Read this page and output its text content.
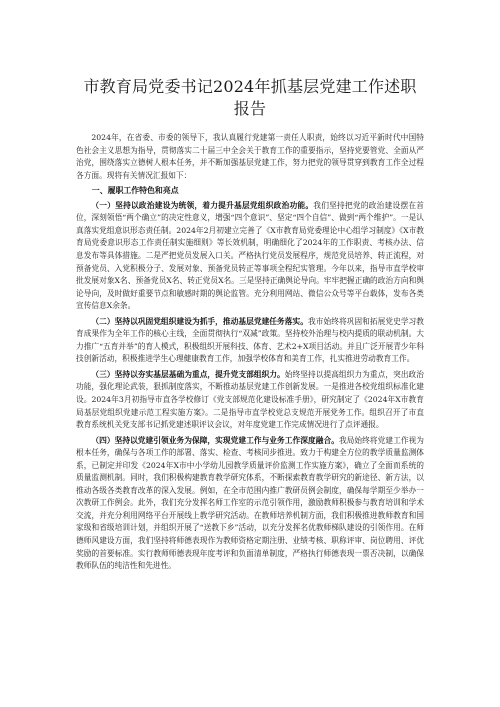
市教育局党委书记2024年抓基层党建工作述职报告

2024年，在省委、市委的领导下，我认真履行党建第一责任人职责，始终以习近平新时代中国特色社会主义思想为指导，贯彻落实二十届三中全会关于教育工作的重要指示，坚持党要管党、全面从严治党，围绕落实立德树人根本任务，并不断加强基层党建工作，努力把党的领导贯穿到教育工作全过程各方面。现将有关情况汇报如下：

一、履职工作特色和亮点

（一）坚持以政治建设为统领，着力提升基层党组织政治功能。我们坚持把党的政治建设摆在首位，深刻领悟“两个确立”的决定性意义，增强“四个意识”、坚定“四个自信”、做到“两个维护”。一是认真落实党组意识形态责任制。2024年2月初建立完善了《X市教育局党委理论中心组学习制度》《X市教育局党委意识形态工作责任制实施细则》等长效机制，明确细化了2024年的工作职责、考核办法、信息发布等具体措施。二是严把党员发展入口关。严格执行党员发展程序，规范党员培养、转正流程，对预备党员、入党积极分子、发展对象、预备党员转正等事项全程纪实管理。今年以来，指导市直学校审批发展对象X名、预备党员X名、转正党员X名。三是坚持正确舆论导向。牢牢把握正确的政治方向和舆论导向，及时做好重要节点和敏感时期的舆论监管。充分利用网站、微信公众号等平台载体，发布各类宣传信息X余条。

（二）坚持以巩固党组织建设为抓手，推动基层党建任务落实。我市始终将巩固和拓展党史学习教育成果作为全年工作的核心主线，全面贯彻执行“双减”政策。坚持校外治理与校内提质的联动机制。大力推广“五育并举”的育人模式，积极组织开展科技、体育、艺术2+X项目活动。并且广泛开展青少年科技创新活动，积极推进学生心理健康教育工作，加强学校体育和美育工作，扎实推进劳动教育工作。

（三）坚持以夯实基层基础为重点，提升党支部组织力。始终坚持以提高组织力为重点，突出政治功能，强化理论武装，狠抓制度落实，不断推动基层党建工作创新发展。一是推进各校党组织标准化建设。2024年3月初指导市直各学校修订《党支部规范化建设标准手册》，研究制定了《2024年X市教育局基层党组织党建示范工程实施方案》。二是指导市直学校党总支规范开展党务工作。组织召开了市直教育系统机关党支部书记抓党建述职评议会议，对年度党建工作完成情况进行了点评通报。

（四）坚持以党建引领业务为保障，实现党建工作与业务工作深度融合。我局始终将党建工作视为根本任务，确保与各项工作的部署、落实、检查、考核同步推进。致力于构建全方位的教学质量监测体系，已制定并印发《2024年X市中小学幼儿园教学质量评价监测工作实施方案》，确立了全面而系统的质量监测机制。同时，我们积极构建教育教学研究体系，不断探索教育教学研究的新途径、新方法，以推动各级各类教育改革的深入发展。例如，在全市范围内推广教研员例会制度，确保每学期至少举办一次教研工作例会。此外，我们充分发挥名师工作室的示范引领作用，激励教师积极参与教育培训和学术交流，并充分利用网络平台开展线上教学研究活动。在教师培养机制方面，我们积极推进教师教育和国家级和省级培训计划，并组织开展了“送教下乡”活动，以充分发挥名优教师梯队建设的引领作用。在师德师风建设方面，我们坚持将师德表现作为教师资格定期注册、业绩考核、职称评审、岗位聘用、评优奖励的首要标准。实行教师师德表现年度考评和负面清单制度，严格执行师德表现一票否决制，以确保教师队伍的纯洁性和先进性。
